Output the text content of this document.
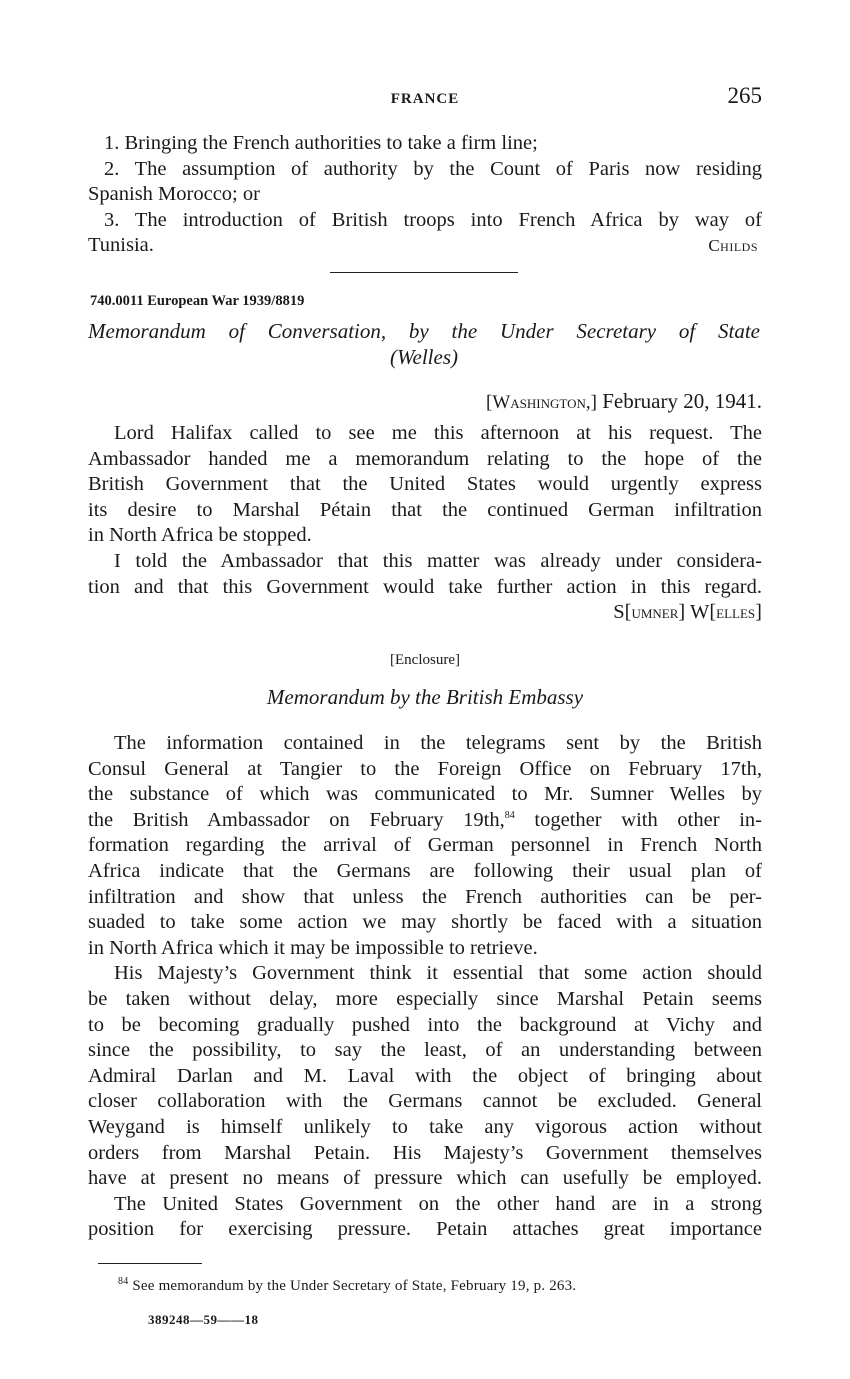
FRANCE	265
1. Bringing the French authorities to take a firm line;
2. The assumption of authority by the Count of Paris now residing
Spanish Morocco; or
3. The introduction of British troops into French Africa by way of
Tunisia.	Childs
740.0011 European War 1939/8819
Memorandum of Conversation, by the Under Secretary of State
(Welles)
[Washington,] February 20, 1941.
Lord Halifax called to see me this afternoon at his request. The
Ambassador handed me a memorandum relating to the hope of the
British Government that the United States would urgently express
its desire to Marshal Pétain that the continued German infiltration
in North Africa be stopped.
I told the Ambassador that this matter was already under considera-
tion and that this Government would take further action in this regard.
S[umner] W[elles]
[Enclosure]
Memorandum by the British Embassy
The information contained in the telegrams sent by the British
Consul General at Tangier to the Foreign Office on February 17th,
the substance of which was communicated to Mr. Sumner Welles by
the British Ambassador on February 19th,$^{84}$ together with other in-
formation regarding the arrival of German personnel in French North
Africa indicate that the Germans are following their usual plan of
infiltration and show that unless the French authorities can be per-
suaded to take some action we may shortly be faced with a situation
in North Africa which it may be impossible to retrieve.
His Majesty’s Government think it essential that some action should
be taken without delay, more especially since Marshal Petain seems
to be becoming gradually pushed into the background at Vichy and
since the possibility, to say the least, of an understanding between
Admiral Darlan and M. Laval with the object of bringing about
closer collaboration with the Germans cannot be excluded. General
Weygand is himself unlikely to take any vigorous action without
orders from Marshal Petain. His Majesty’s Government themselves
have at present no means of pressure which can usefully be employed.
The United States Government on the other hand are in a strong
position for exercising pressure. Petain attaches great importance
$^{84}$ See memorandum by the Under Secretary of State, February 19, p. 263.
389248—59——18
